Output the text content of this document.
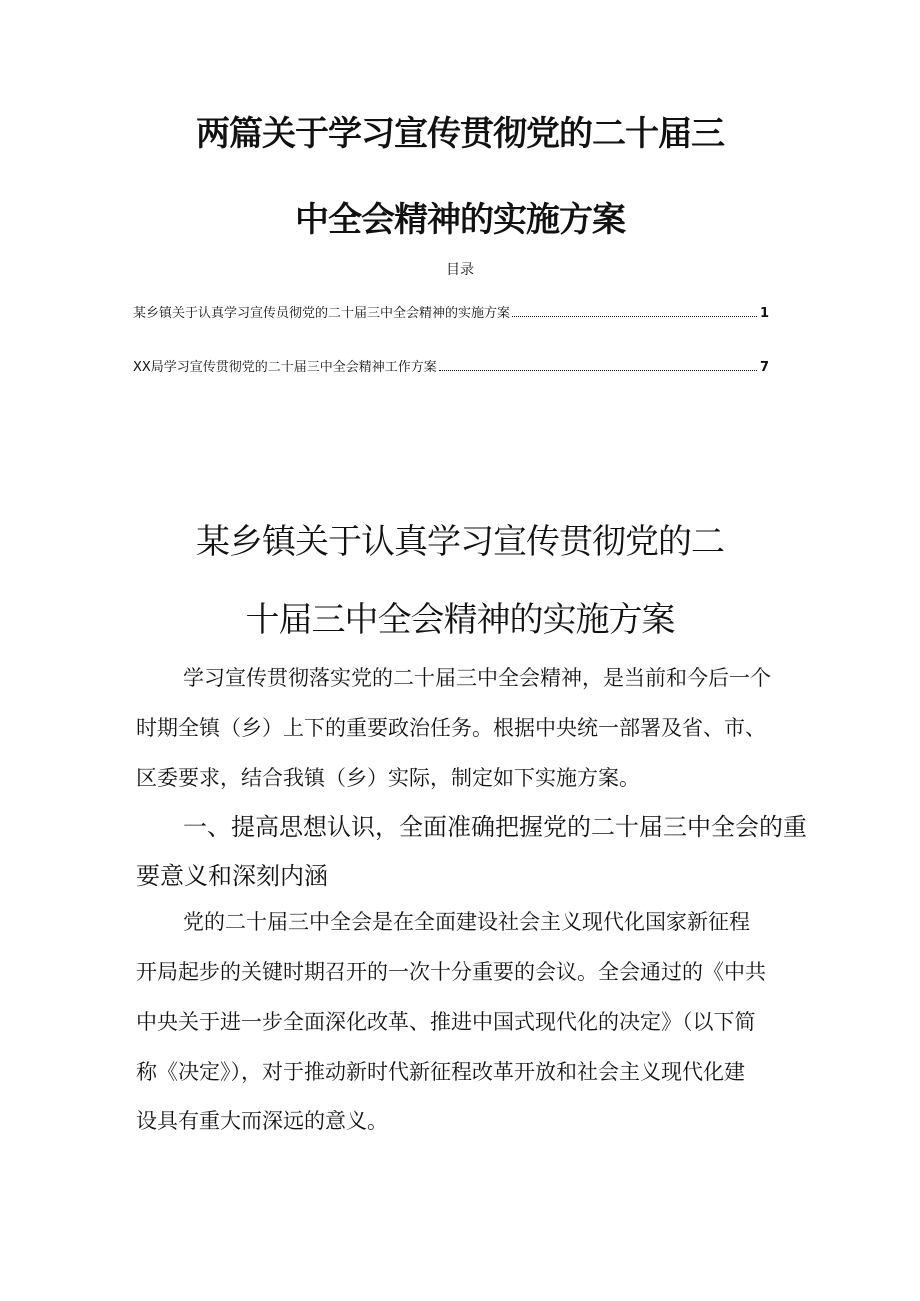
两篇关于学习宣传贯彻党的二十届三
中全会精神的实施方案
目录
某乡镇关于认真学习宣传员彻党的二十届三中全会精神的实施方案	1
XX局学习宣传贯彻党的二十届三中全会精神工作方案	7
某乡镇关于认真学习宣传贯彻党的二
十届三中全会精神的实施方案
学习宣传贯彻落实党的二十届三中全会精神，是当前和今后一个
时期全镇（乡）上下的重要政治任务。根据中央统一部署及省、市、
区委要求，结合我镇（乡）实际，制定如下实施方案。
一、提高思想认识，全面准确把握党的二十届三中全会的重
要意义和深刻内涵
党的二十届三中全会是在全面建设社会主义现代化国家新征程
开局起步的关键时期召开的一次十分重要的会议。全会通过的《中共
中央关于进一步全面深化改革、推进中国式现代化的决定》（以下简
称《决定》），对于推动新时代新征程改革开放和社会主义现代化建
设具有重大而深远的意义。
